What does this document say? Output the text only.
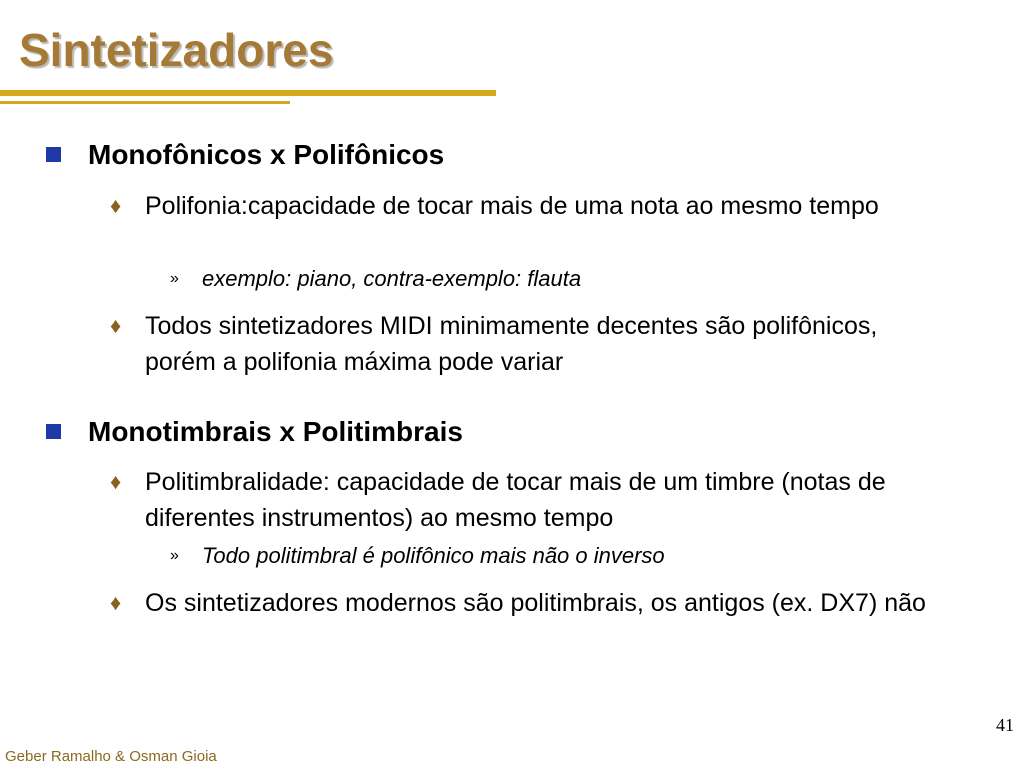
Sintetizadores
Monofônicos x Polifônicos
♦ Polifonia:capacidade de tocar mais de uma nota ao mesmo tempo
» exemplo: piano, contra-exemplo: flauta
♦ Todos sintetizadores MIDI minimamente decentes são polifônicos, porém a polifonia máxima pode variar
Monotimbrais x Politimbrais
♦ Politimbralidade: capacidade de tocar mais de um timbre (notas de diferentes instrumentos) ao mesmo tempo
» Todo politimbral é polifônico mais não o inverso
♦ Os sintetizadores modernos são politimbrais, os antigos (ex. DX7) não
41
Geber Ramalho & Osman Gioia
